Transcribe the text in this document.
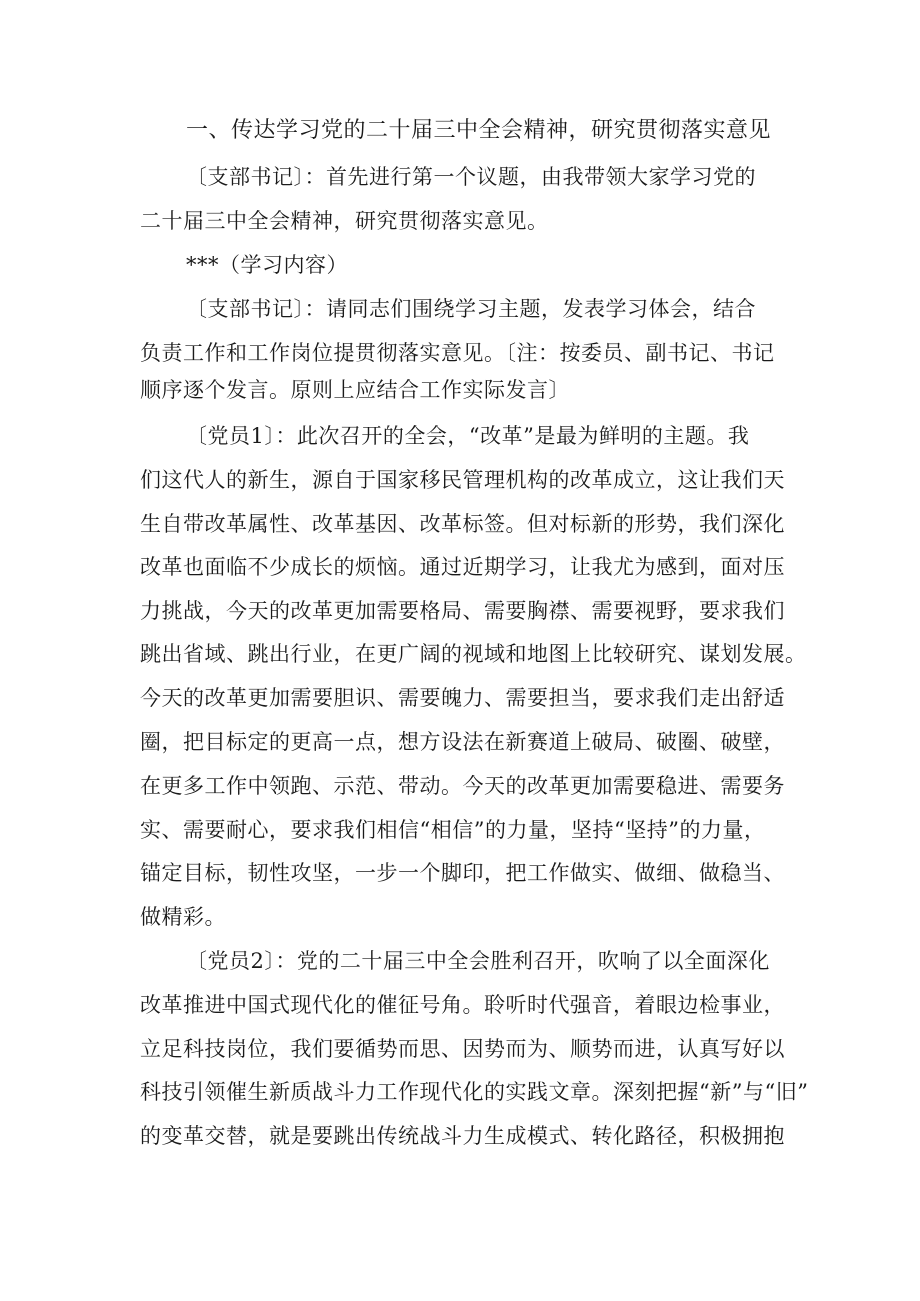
一、传达学习党的二十届三中全会精神，研究贯彻落实意见
〔支部书记〕：首先进行第一个议题，由我带领大家学习党的
二十届三中全会精神，研究贯彻落实意见。
***（学习内容）
〔支部书记〕：请同志们围绕学习主题，发表学习体会，结合
负责工作和工作岗位提贯彻落实意见。〔注：按委员、副书记、书记
顺序逐个发言。原则上应结合工作实际发言〕
〔党员1〕：此次召开的全会，“改革”是最为鲜明的主题。我
们这代人的新生，源自于国家移民管理机构的改革成立，这让我们天
生自带改革属性、改革基因、改革标签。但对标新的形势，我们深化
改革也面临不少成长的烦恼。通过近期学习，让我尤为感到，面对压
力挑战，今天的改革更加需要格局、需要胸襟、需要视野，要求我们
跳出省域、跳出行业，在更广阔的视域和地图上比较研究、谋划发展。
今天的改革更加需要胆识、需要魄力、需要担当，要求我们走出舒适
圈，把目标定的更高一点，想方设法在新赛道上破局、破圈、破壁，
在更多工作中领跑、示范、带动。今天的改革更加需要稳进、需要务
实、需要耐心，要求我们相信“相信”的力量，坚持“坚持”的力量，
锚定目标，韧性攻坚，一步一个脚印，把工作做实、做细、做稳当、
做精彩。
〔党员2〕：党的二十届三中全会胜利召开，吹响了以全面深化
改革推进中国式现代化的催征号角。聆听时代强音，着眼边检事业，
立足科技岗位，我们要循势而思、因势而为、顺势而进，认真写好以
科技引领催生新质战斗力工作现代化的实践文章。深刻把握“新”与“旧”
的变革交替，就是要跳出传统战斗力生成模式、转化路径，积极拥抱
